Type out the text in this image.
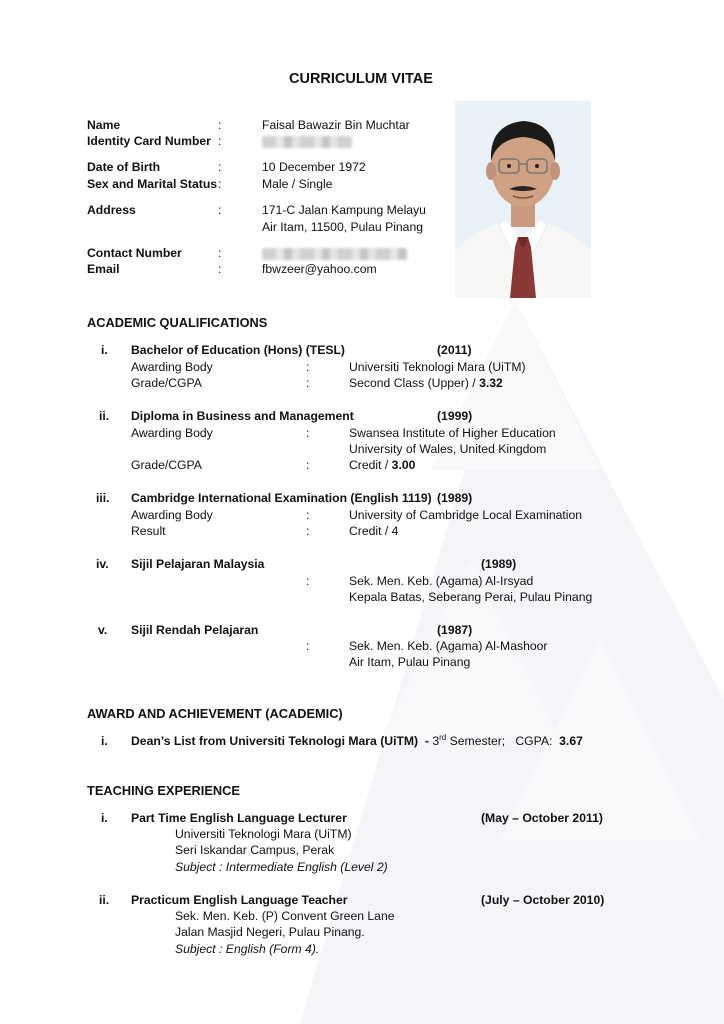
CURRICULUM VITAE
Name	:	Faisal Bawazir Bin Muchtar
Identity Card Number :
Date of Birth	:	10 December 1972
Sex and Marital Status :	Male / Single
Address	:	171-C Jalan Kampung Melayu
Air Itam, 11500, Pulau Pinang
Contact Number	:
Email	:	fbwzeer@yahoo.com
ACADEMIC QUALIFICATIONS
i. Bachelor of Education (Hons) (TESL)	(2011)
Awarding Body	:	Universiti Teknologi Mara (UiTM)
Grade/CGPA	:	Second Class (Upper) / 3.32
ii. Diploma in Business and Management	(1999)
Awarding Body	:	Swansea Institute of Higher Education
University of Wales, United Kingdom
Grade/CGPA	:	Credit / 3.00
iii. Cambridge International Examination (English 1119) (1989)
Awarding Body	:	University of Cambridge Local Examination
Result	:	Credit / 4
iv. Sijil Pelajaran Malaysia	(1989)
:	Sek. Men. Keb. (Agama) Al-Irsyad
Kepala Batas, Seberang Perai, Pulau Pinang
v. Sijil Rendah Pelajaran	(1987)
:	Sek. Men. Keb. (Agama) Al-Mashoor
Air Itam, Pulau Pinang
AWARD AND ACHIEVEMENT (ACADEMIC)
i. Dean’s List from Universiti Teknologi Mara (UiTM) - 3rd Semester;   CGPA:  3.67
TEACHING EXPERIENCE
i. Part Time English Language Lecturer	(May – October 2011)
Universiti Teknologi Mara (UiTM)
Seri Iskandar Campus, Perak
Subject : Intermediate English (Level 2)
ii. Practicum English Language Teacher	(July – October 2010)
Sek. Men. Keb. (P) Convent Green Lane
Jalan Masjid Negeri, Pulau Pinang.
Subject : English (Form 4).
